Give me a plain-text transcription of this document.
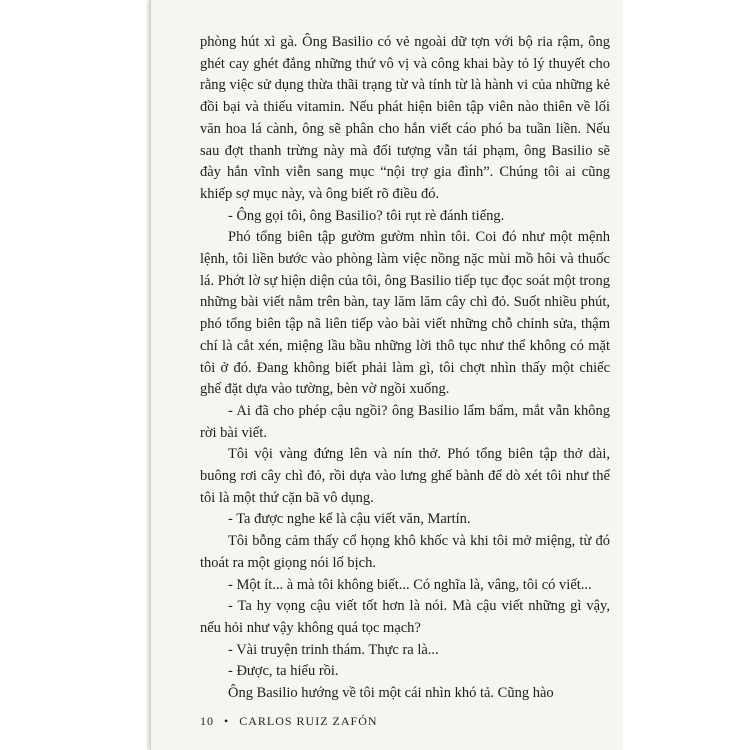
phòng hút xì gà. Ông Basilio có vẻ ngoài dữ tợn với bộ ria rậm, ông ghét cay ghét đắng những thứ vô vị và công khai bày tỏ lý thuyết cho rằng việc sử dụng thừa thãi trạng từ và tính từ là hành vi của những kẻ đồi bại và thiếu vitamin. Nếu phát hiện biên tập viên nào thiên về lối văn hoa lá cành, ông sẽ phân cho hắn viết cáo phó ba tuần liền. Nếu sau đợt thanh trừng này mà đối tượng vẫn tái phạm, ông Basilio sẽ đày hắn vĩnh viễn sang mục “nội trợ gia đình”. Chúng tôi ai cũng khiếp sợ mục này, và ông biết rõ điều đó.

- Ông gọi tôi, ông Basilio? tôi rụt rè đánh tiếng.

Phó tổng biên tập gườm gườm nhìn tôi. Coi đó như một mệnh lệnh, tôi liền bước vào phòng làm việc nồng nặc mùi mồ hôi và thuốc lá. Phớt lờ sự hiện diện của tôi, ông Basilio tiếp tục đọc soát một trong những bài viết nằm trên bàn, tay lăm lăm cây chì đỏ. Suốt nhiều phút, phó tổng biên tập nã liên tiếp vào bài viết những chỗ chỉnh sửa, thậm chí là cắt xén, miệng lầu bầu những lời thô tục như thể không có mặt tôi ở đó. Đang không biết phải làm gì, tôi chợt nhìn thấy một chiếc ghế đặt dựa vào tường, bèn vờ ngồi xuống.

- Ai đã cho phép cậu ngồi? ông Basilio lẩm bẩm, mắt vẫn không rời bài viết.

Tôi vội vàng đứng lên và nín thở. Phó tổng biên tập thở dài, buông rơi cây chì đỏ, rồi dựa vào lưng ghế bành để dò xét tôi như thể tôi là một thứ cặn bã vô dụng.

- Ta được nghe kể là cậu viết văn, Martín.

Tôi bỗng cảm thấy cổ họng khô khốc và khi tôi mở miệng, từ đó thoát ra một giọng nói lố bịch.

- Một ít... à mà tôi không biết... Có nghĩa là, vâng, tôi có viết...

- Ta hy vọng cậu viết tốt hơn là nói. Mà cậu viết những gì vậy, nếu hỏi như vậy không quá tọc mạch?

- Vài truyện trinh thám. Thực ra là...

- Được, ta hiểu rồi.

Ông Basilio hướng về tôi một cái nhìn khó tả. Cũng hào

10 • CARLOS RUIZ ZAFÓN
